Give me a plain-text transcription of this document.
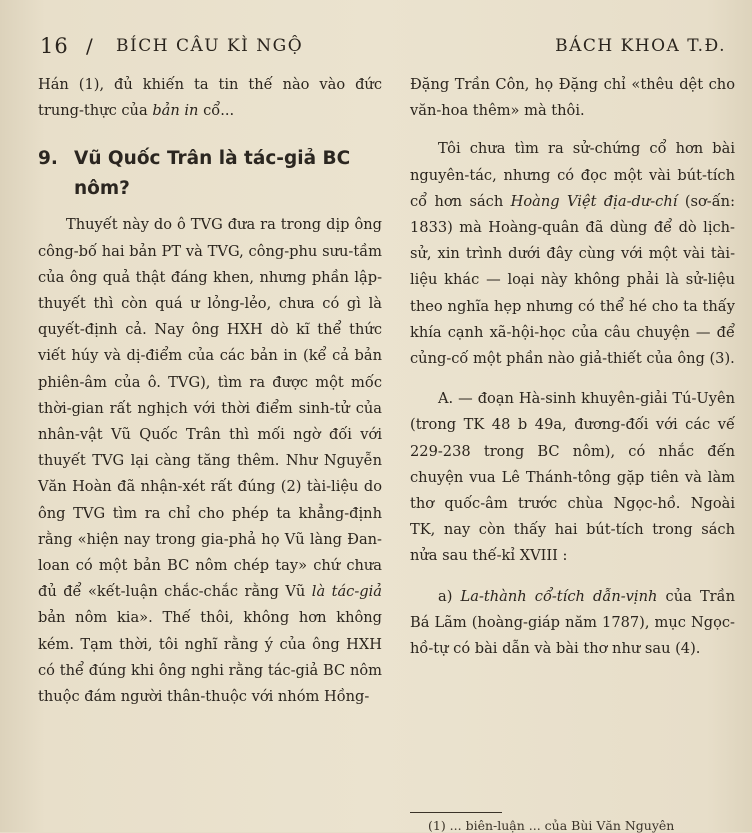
16 / BÍCH CÂU KÌ NGỘ	BÁCH KHOA T.Đ.

Hán (1), đủ khiến ta tin thế nào vào đức trung-thực của bản in cổ...

9. Vũ Quốc Trân là tác-giả BC nôm?

Thuyết này do ô TVG đưa ra trong dịp ông công-bố hai bản PT và TVG, công-phu sưu-tầm của ông quả thật đáng khen, nhưng phần lập-thuyết thì còn quá ư lỏng-lẻo, chưa có gì là quyết-định cả. Nay ông HXH dò kĩ thể thức viết húy và dị-điểm của các bản in (kể cả bản phiên-âm của ô. TVG), tìm ra được một mốc thời-gian rất nghịch với thời điểm sinh-tử của nhân-vật Vũ Quốc Trân thì mối ngờ đối với thuyết TVG lại càng tăng thêm. Như Nguyễn Văn Hoàn đã nhận-xét rất đúng (2) tài-liệu do ông TVG tìm ra chỉ cho phép ta khẳng-định rằng «hiện nay trong gia-phả họ Vũ làng Đan-loan có một bản BC nôm chép tay» chứ chưa đủ để «kết-luận chắc-chắc rằng Vũ là tác-giả bản nôm kia». Thế thôi, không hơn không kém. Tạm thời, tôi nghĩ rằng ý của ông HXH có thể đúng khi ông nghi rằng tác-giả BC nôm thuộc đám người thân-thuộc với nhóm Hồng-

Đặng Trần Côn, họ Đặng chỉ «thêu dệt cho văn-hoa thêm» mà thôi.

Tôi chưa tìm ra sử-chứng cổ hơn bài nguyên-tác, nhưng có đọc một vài bút-tích cổ hơn sách Hoàng Việt địa-dư-chí (sơ-ấn: 1833) mà Hoàng-quân đã dùng để dò lịch-sử, xin trình dưới đây cùng với một vài tài-liệu khác — loại này không phải là sử-liệu theo nghĩa hẹp nhưng có thể hé cho ta thấy khía cạnh xã-hội-học của câu chuyện — để củng-cố một phần nào giả-thiết của ông (3).

A. — đoạn Hà-sinh khuyên-giải Tú-Uyên (trong TK 48 b 49a, đương-đối với các vế 229-238 trong BC nôm), có nhắc đến chuyện vua Lê Thánh-tông gặp tiên và làm thơ quốc-âm trước chùa Ngọc-hồ. Ngoài TK, nay còn thấy hai bút-tích trong sách nửa sau thế-kỉ XVIII :

a) La-thành cổ-tích dẫn-vịnh của Trần Bá Lãm (hoàng-giáp năm 1787), mục Ngọc-hồ-tự có bài dẫn và bài thơ như sau (4).

(1) ... biên-luận ... của Bùi Văn Nguyên
